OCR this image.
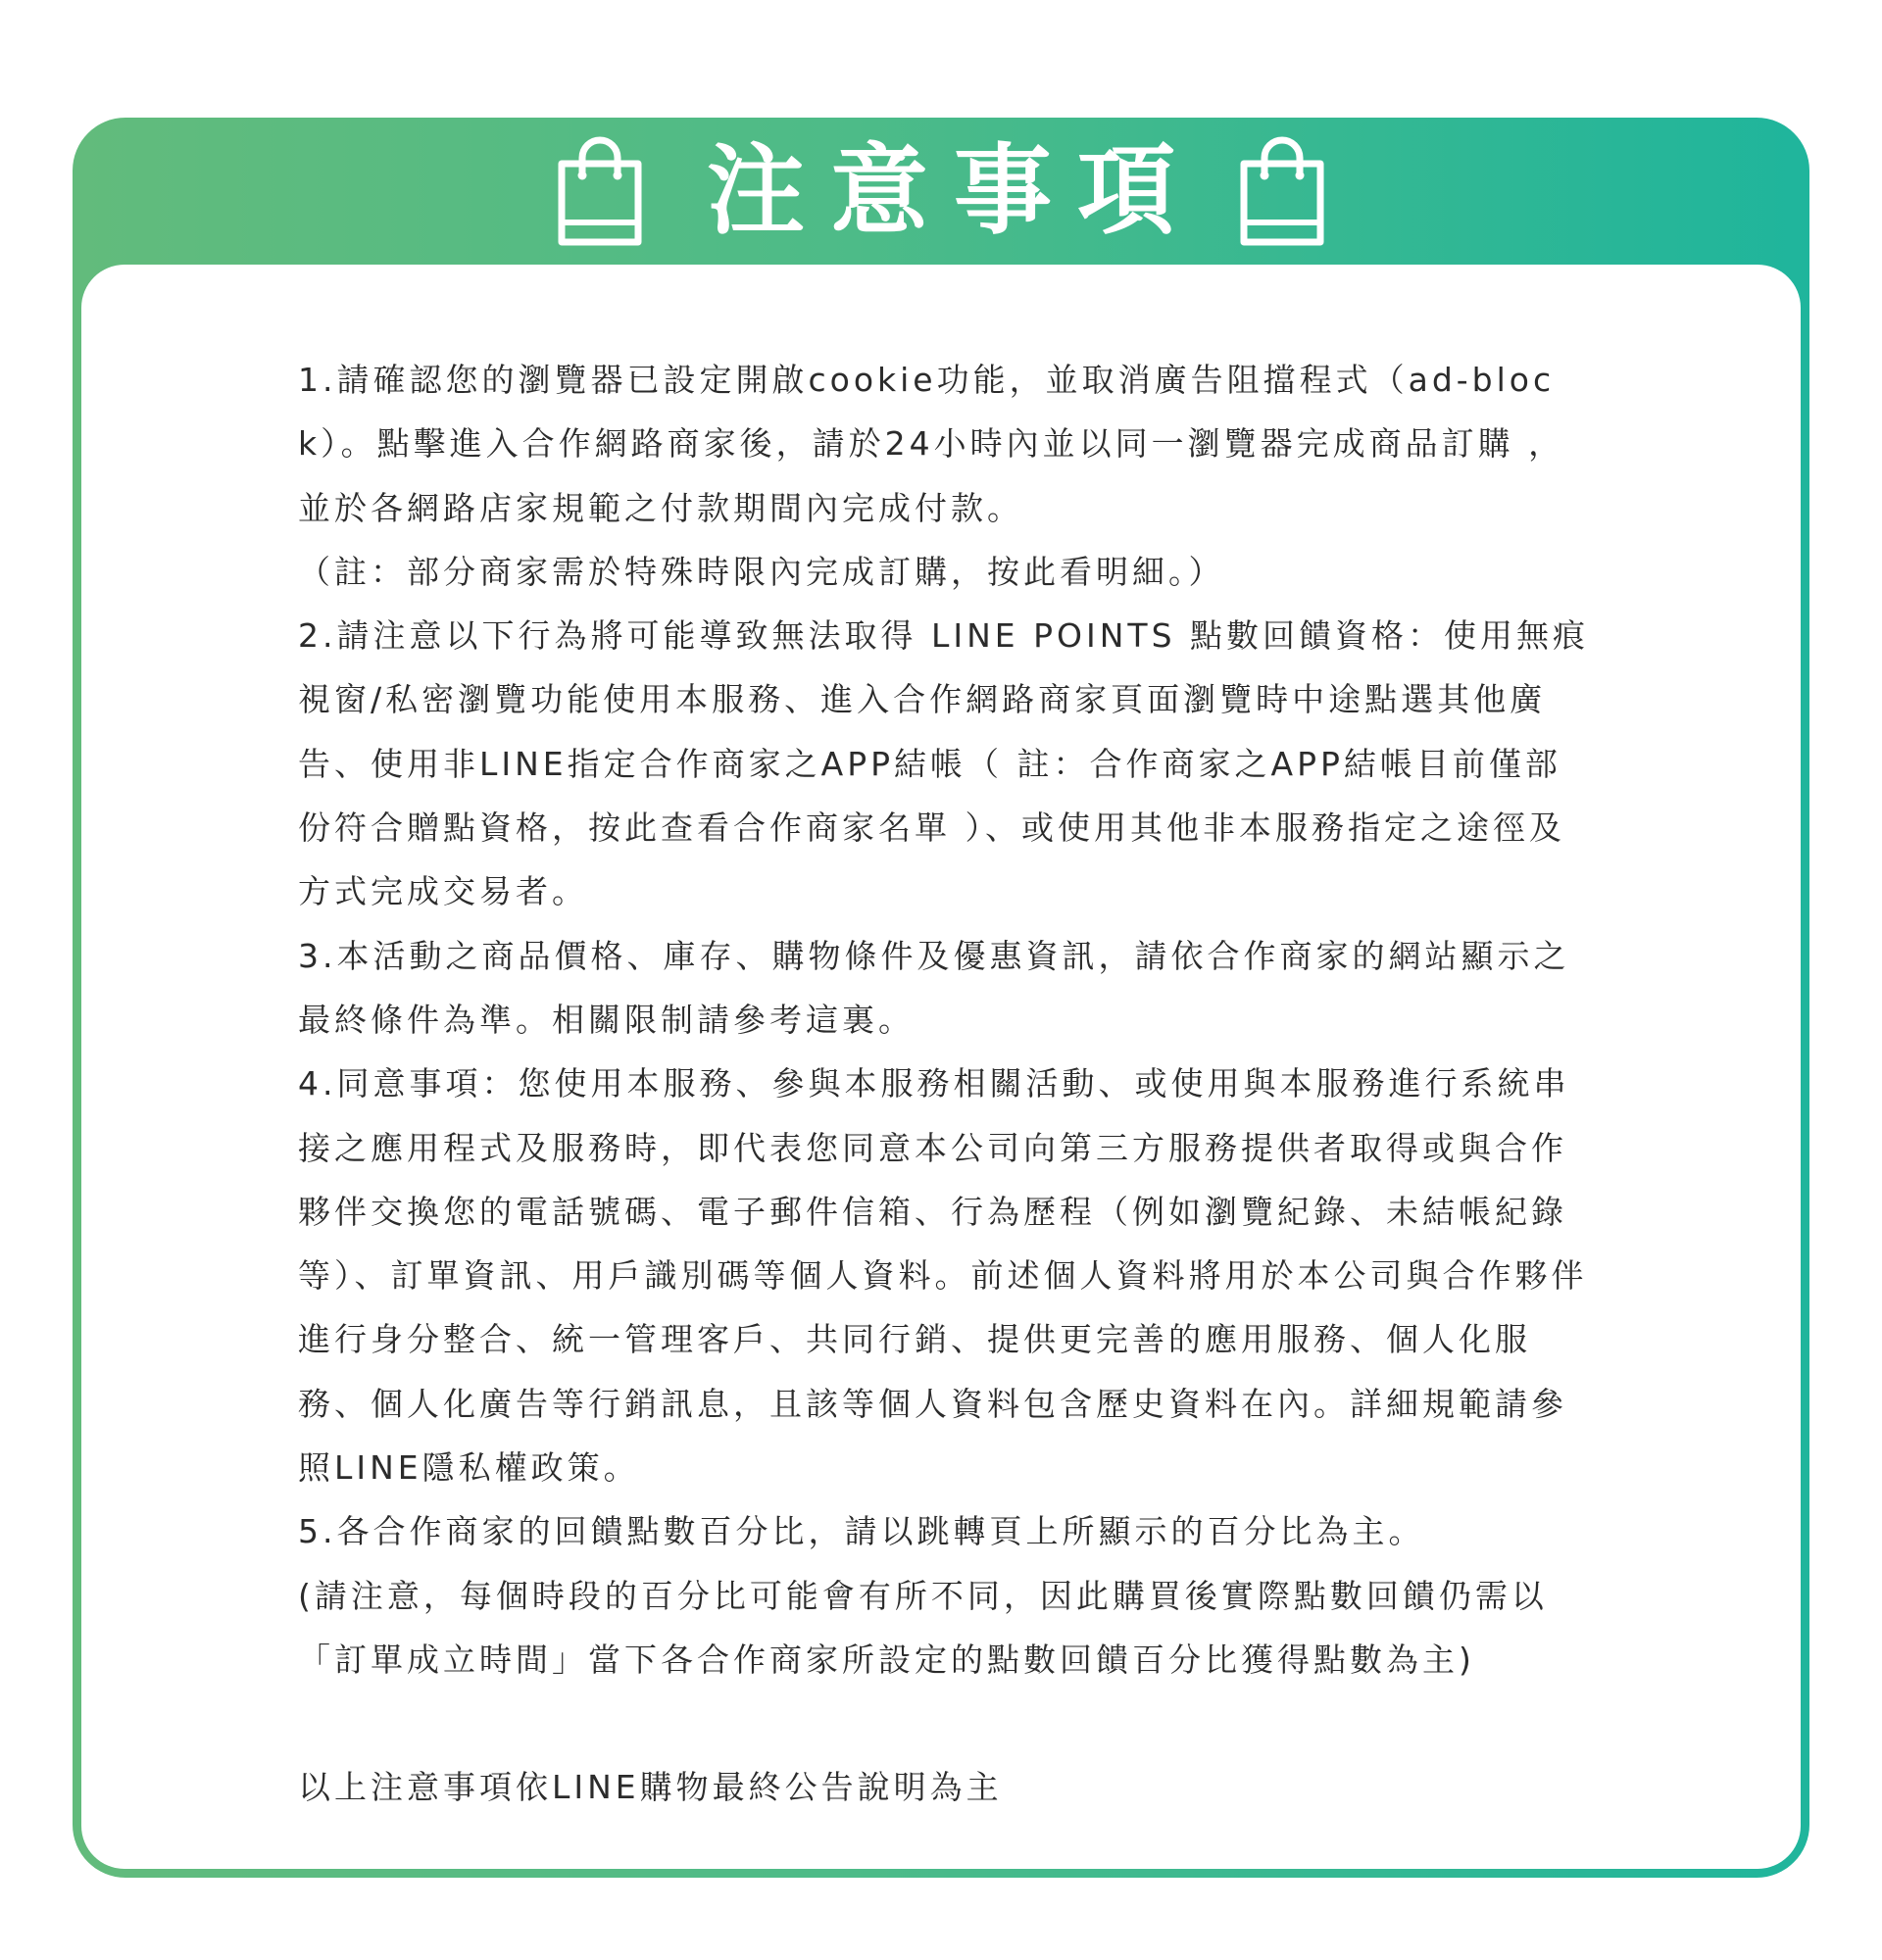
注意事項

1.請確認您的瀏覽器已設定開啟cookie功能，並取消廣告阻擋程式（ad-block）。點擊進入合作網路商家後，請於24小時內並以同一瀏覽器完成商品訂購 ，並於各網路店家規範之付款期間內完成付款。

（註：部分商家需於特殊時限內完成訂購，按此看明細。）

2.請注意以下行為將可能導致無法取得 LINE POINTS 點數回饋資格：使用無痕視窗/私密瀏覽功能使用本服務、進入合作網路商家頁面瀏覽時中途點選其他廣告、使用非LINE指定合作商家之APP結帳（ 註：合作商家之APP結帳目前僅部份符合贈點資格，按此查看合作商家名單 ）、或使用其他非本服務指定之途徑及方式完成交易者。

3.本活動之商品價格、庫存、購物條件及優惠資訊，請依合作商家的網站顯示之最終條件為準。相關限制請參考這裏。

4.同意事項：您使用本服務、參與本服務相關活動、或使用與本服務進行系統串接之應用程式及服務時，即代表您同意本公司向第三方服務提供者取得或與合作夥伴交換您的電話號碼、電子郵件信箱、行為歷程（例如瀏覽紀錄、未結帳紀錄等）、訂單資訊、用戶識別碼等個人資料。前述個人資料將用於本公司與合作夥伴進行身分整合、統一管理客戶、共同行銷、提供更完善的應用服務、個人化服務、個人化廣告等行銷訊息，且該等個人資料包含歷史資料在內。詳細規範請參照LINE隱私權政策。

5.各合作商家的回饋點數百分比，請以跳轉頁上所顯示的百分比為主。

(請注意，每個時段的百分比可能會有所不同，因此購買後實際點數回饋仍需以「訂單成立時間」當下各合作商家所設定的點數回饋百分比獲得點數為主)

以上注意事項依LINE購物最終公告說明為主
